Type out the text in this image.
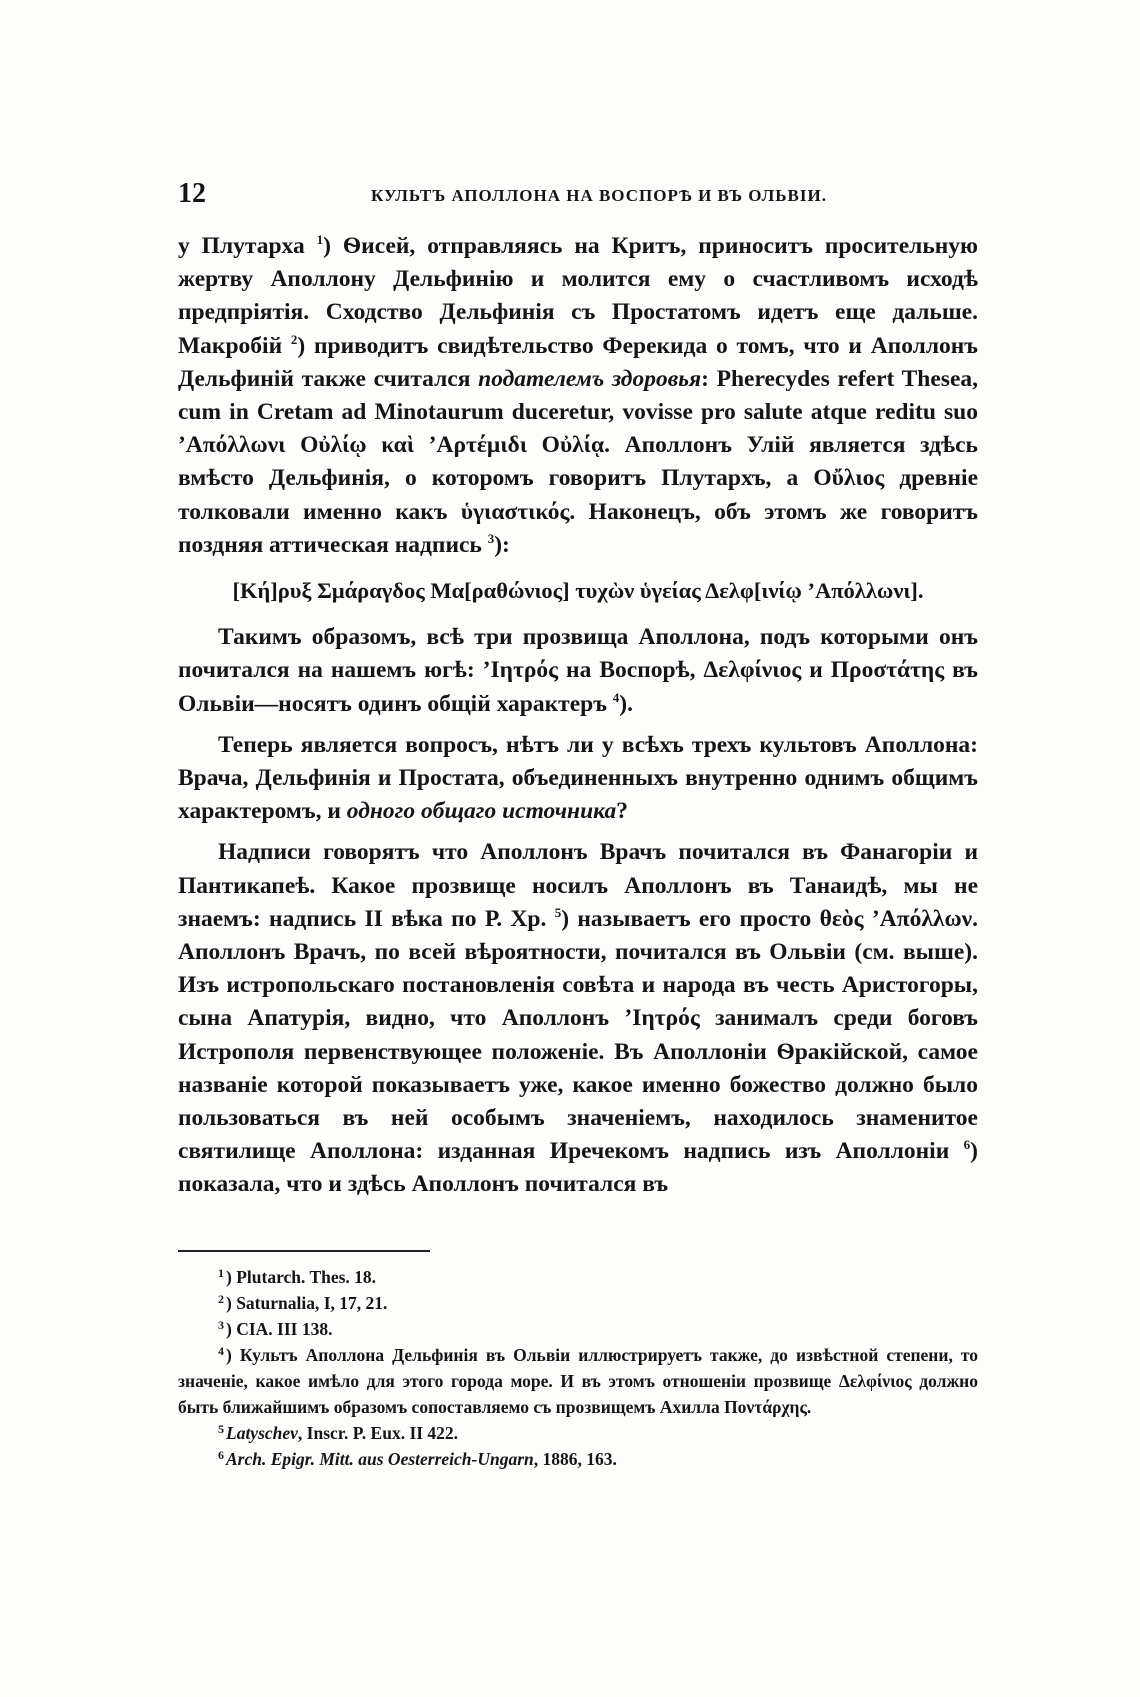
12	КУЛЬТЪ АПОЛЛОНА НА ВОСПОРѢ И ВЪ ОЛЬВІИ.

у Плутарха $^1$) Ѳисей, отправляясь на Критъ, приноситъ просительную жертву Аполлону Дельфинію и молится ему о счастливомъ исходѣ предпріятія. Сходство Дельфинія съ Простатомъ идетъ еще дальше. Макробій $^2$) приводитъ свидѣтельство Ферекида о томъ, что и Аполлонъ Дельфиній также считался подателемъ здоровья: Pherecydes refert Thesea, cum in Cretam ad Minotaurum duceretur, vovisse pro salute atque reditu suo ’Απόλλωνι Οὐλίῳ καὶ ’Αρτέμιδι Οὐλίᾳ. Аполлонъ Улій является здѣсь вмѣсто Дельфинія, о которомъ говоритъ Плутархъ, а Οὔλιος древніе толковали именно какъ ὑγιαστικός. Наконецъ, объ этомъ же говоритъ поздняя аттическая надпись $^3$):

[Κή]ρυξ Σμάραγδος Μα[ραθώνιος] τυχὼν ὑγείας Δελφ[ινίῳ ’Απόλλωνι].

Такимъ образомъ, всѣ три прозвища Аполлона, подъ которыми онъ почитался на нашемъ югѣ: ’Ιητρός на Воспорѣ, Δελφίνιος и Προστάτης въ Ольвіи—носятъ одинъ общій характеръ $^4$).

Теперь является вопросъ, нѣтъ ли у всѣхъ трехъ культовъ Аполлона: Врача, Дельфинія и Простата, объединенныхъ внутренно однимъ общимъ характеромъ, и одного общаго источника?

Надписи говорятъ что Аполлонъ Врачъ почитался въ Фанагоріи и Пантикапеѣ. Какое прозвище носилъ Аполлонъ въ Танаидѣ, мы не знаемъ: надпись II вѣка по Р. Хр. $^5$) называетъ его просто θεὸς ’Απόλλων. Аполлонъ Врачъ, по всей вѣроятности, почитался въ Ольвіи (см. выше). Изъ истропольскаго постановленія совѣта и народа въ честь Аристогоры, сына Апатурія, видно, что Аполлонъ ’Ιητρός занималъ среди боговъ Истрополя первенствующее положеніе. Въ Аполлоніи Ѳракійской, самое названіе которой показываетъ уже, какое именно божество должно было пользоваться въ ней особымъ значеніемъ, находилось знаменитое святилище Аполлона: изданная Иречекомъ надпись изъ Аполлоніи $^6$) показала, что и здѣсь Аполлонъ почитался въ

$^1$ ) Plutarch. Thes. 18.

$^2$ ) Saturnalia, I, 17, 21.

$^3$ ) CIA. III 138.

$^4$ ) Культъ Аполлона Дельфинія въ Ольвіи иллюстрируетъ также, до извѣстной степени, то значеніе, какое имѣло для этого города море. И въ этомъ отношеніи прозвище Δελφίνιος должно быть ближайшимъ образомъ сопоставляемо съ прозвищемъ Ахилла Ποντάρχης.

$^5$ Latyschev, Inscr. P. Eux. II 422.

$^6$ Arch. Epigr. Mitt. aus Oesterreich-Ungarn, 1886, 163.
